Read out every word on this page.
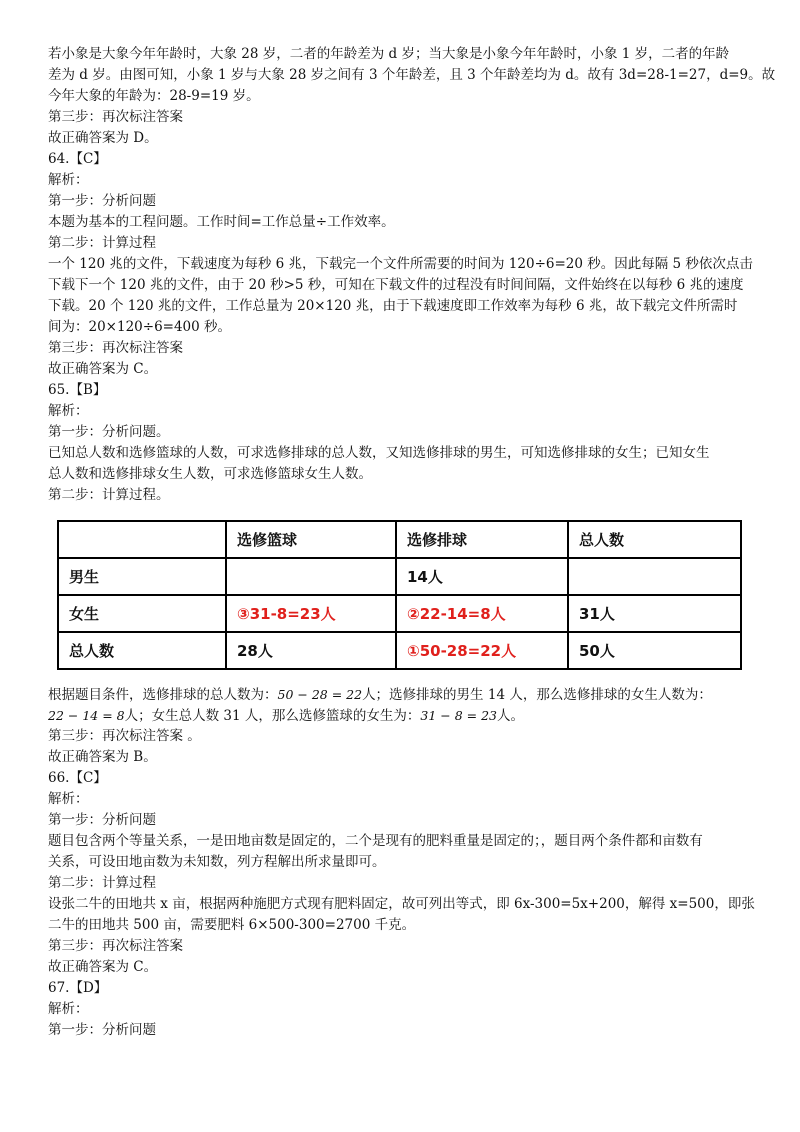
若小象是大象今年年龄时，大象 28 岁，二者的年龄差为 d 岁；当大象是小象今年年龄时，小象 1 岁，二者的年龄

差为 d 岁。由图可知，小象 1 岁与大象 28 岁之间有 3 个年龄差，且 3 个年龄差均为 d。故有 3d=28-1=27，d=9。故

今年大象的年龄为：28-9=19 岁。

第三步：再次标注答案

故正确答案为 D。

64.【C】

解析：

第一步：分析问题

本题为基本的工程问题。工作时间=工作总量÷工作效率。

第二步：计算过程

一个 120 兆的文件，下载速度为每秒 6 兆，下载完一个文件所需要的时间为 120÷6=20 秒。因此每隔 5 秒依次点击

下载下一个 120 兆的文件，由于 20 秒>5 秒，可知在下载文件的过程没有时间间隔，文件始终在以每秒 6 兆的速度

下载。20 个 120 兆的文件，工作总量为 20×120 兆，由于下载速度即工作效率为每秒 6 兆，故下载完文件所需时

间为：20×120÷6=400 秒。

第三步：再次标注答案

故正确答案为 C。

65.【B】

解析：

第一步：分析问题。

已知总人数和选修篮球的人数，可求选修排球的总人数，又知选修排球的男生，可知选修排球的女生；已知女生

总人数和选修排球女生人数，可求选修篮球女生人数。

第二步：计算过程。

	选修篮球	选修排球	总人数
男生		14人	
女生	③31-8=23人	②22-14=8人	31人
总人数	28人	①50-28=22人	50人

根据题目条件，选修排球的总人数为：50 − 28 = 22人；选修排球的男生 14 人，那么选修排球的女生人数为：

22 − 14 = 8人；女生总人数 31 人，那么选修篮球的女生为：31 − 8 = 23人。

第三步：再次标注答案 。

故正确答案为 B。

66.【C】

解析：

第一步：分析问题

题目包含两个等量关系，一是田地亩数是固定的，二个是现有的肥料重量是固定的；，题目两个条件都和亩数有

关系，可设田地亩数为未知数，列方程解出所求量即可。

第二步：计算过程

设张二牛的田地共 x 亩，根据两种施肥方式现有肥料固定，故可列出等式，即 6x-300=5x+200，解得 x=500，即张

二牛的田地共 500 亩，需要肥料 6×500-300=2700 千克。

第三步：再次标注答案

故正确答案为 C。

67.【D】

解析：

第一步：分析问题
